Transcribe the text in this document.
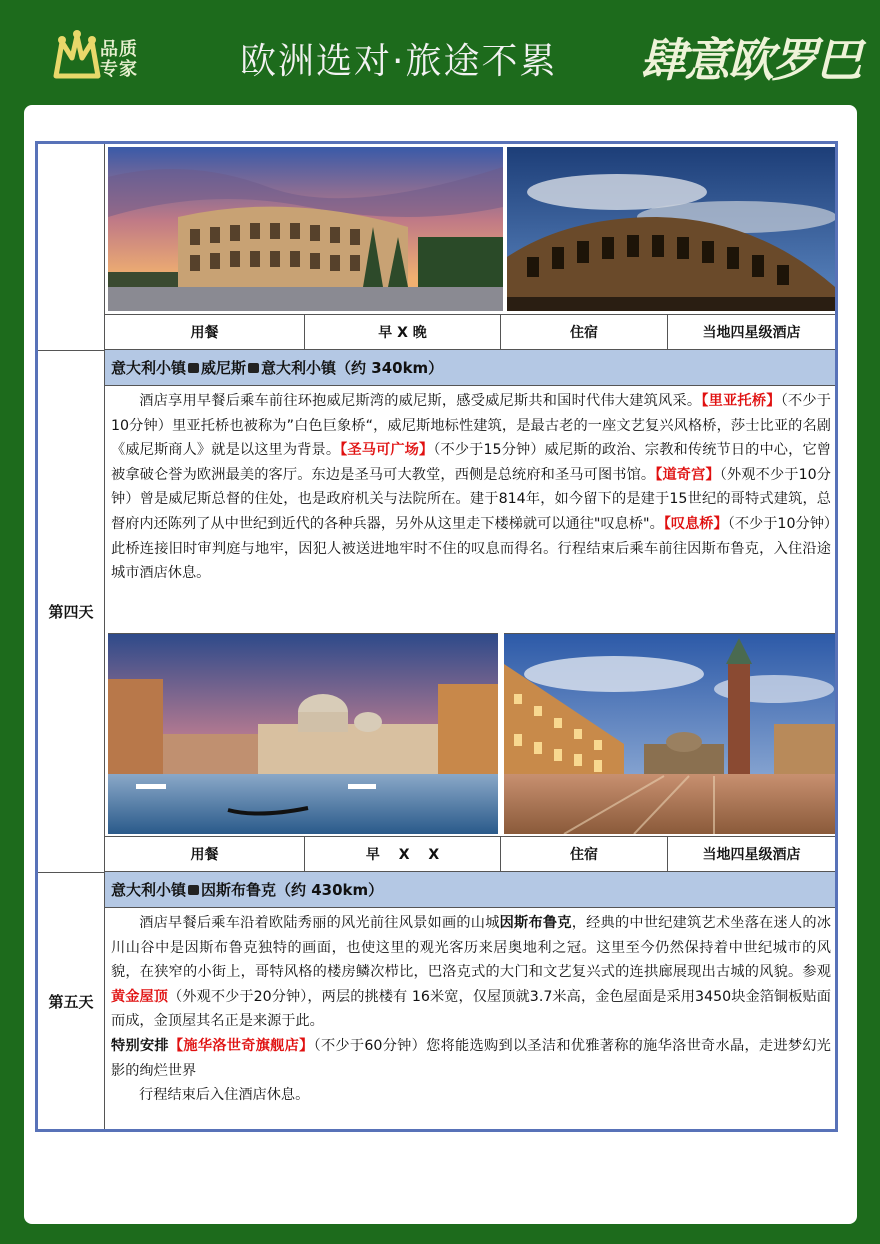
品质
专家	欧洲选对·旅途不累 肆意欧罗巴
用餐	早 X 晚	住宿	当地四星级酒店
第四天
意大利小镇 威尼斯 意大利小镇（约 340km）

酒店享用早餐后乘车前往环抱威尼斯湾的威尼斯，感受威尼斯共和国时代伟大建筑风采。【里亚托桥】（不少于10分钟）里亚托桥也被称为”白色巨象桥“，威尼斯地标性建筑，是最古老的一座文艺复兴风格桥，莎士比亚的名剧《威尼斯商人》就是以这里为背景。【圣马可广场】（不少于15分钟）威尼斯的政治、宗教和传统节日的中心，它曾被拿破仑誉为欧洲最美的客厅。东边是圣马可大教堂，西侧是总统府和圣马可图书馆。【道奇宫】（外观不少于10分钟）曾是威尼斯总督的住处，也是政府机关与法院所在。建于814年，如今留下的是建于15世纪的哥特式建筑，总督府内还陈列了从中世纪到近代的各种兵器，另外从这里走下楼梯就可以通往"叹息桥"。【叹息桥】（不少于10分钟）此桥连接旧时审判庭与地牢，因犯人被送进地牢时不住的叹息而得名。行程结束后乘车前往因斯布鲁克，入住沿途城市酒店休息。

用餐	早　 X　 X	住宿	当地四星级酒店
第五天
意大利小镇 因斯布鲁克（约 430km）

酒店早餐后乘车沿着欧陆秀丽的风光前往风景如画的山城因斯布鲁克，经典的中世纪建筑艺术坐落在迷人的冰川山谷中是因斯布鲁克独特的画面，也使这里的观光客历来居奥地利之冠。这里至今仍然保持着中世纪城市的风貌，在狭窄的小街上，哥特风格的楼房鳞次栉比，巴洛克式的大门和文艺复兴式的连拱廊展现出古城的风貌。参观黄金屋顶（外观不少于20分钟），两层的挑楼有 16米宽，仅屋顶就3.7米高，金色屋面是采用3450块金箔铜板贴面而成，金顶屋其名正是来源于此。

特别安排【施华洛世奇旗舰店】（不少于60分钟）您将能选购到以圣洁和优雅著称的施华洛世奇水晶，走进梦幻光影的绚烂世界

行程结束后入住酒店休息。
